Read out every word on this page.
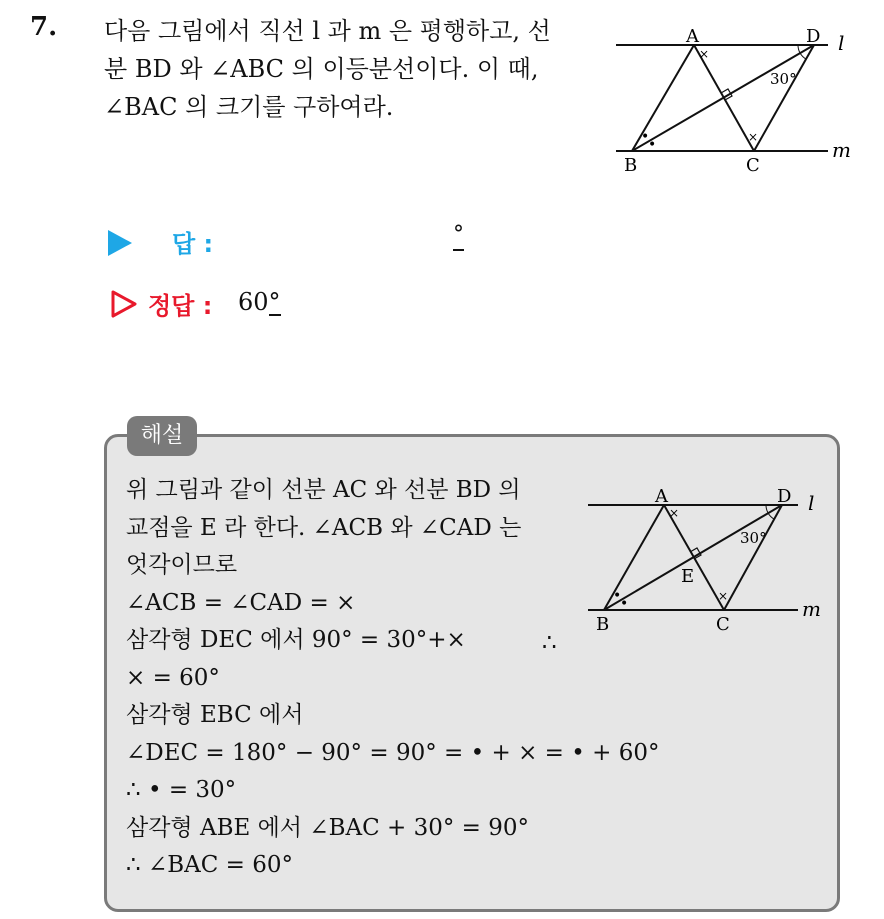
7. 다음 그림에서 직선 l 과 m 은 평행하고, 선

분 BD 와 ∠ABC 의 이등분선이다. 이 때,

∠BAC 의 크기를 구하여라.

A	D l
B	C
m
30°
×
×
•
•
답 :	°
정답 : 60°
해설

위 그림과 같이 선분 AC 와 선분 BD 의

교점을 E 라 한다. ∠ACB 와 ∠CAD 는

엇각이므로

∠ACB = ∠CAD = ×

삼각형 DEC 에서 90° = 30°+×

× = 60°

삼각형 EBC 에서

∠DEC = 180° − 90° = 90° = • + × = • + 60°

∴ • = 30°

삼각형 ABE 에서 ∠BAC + 30° = 90°

∴ ∠BAC = 60°

∴
A	D l
E
B	C
m
30°
×
×
•
•
